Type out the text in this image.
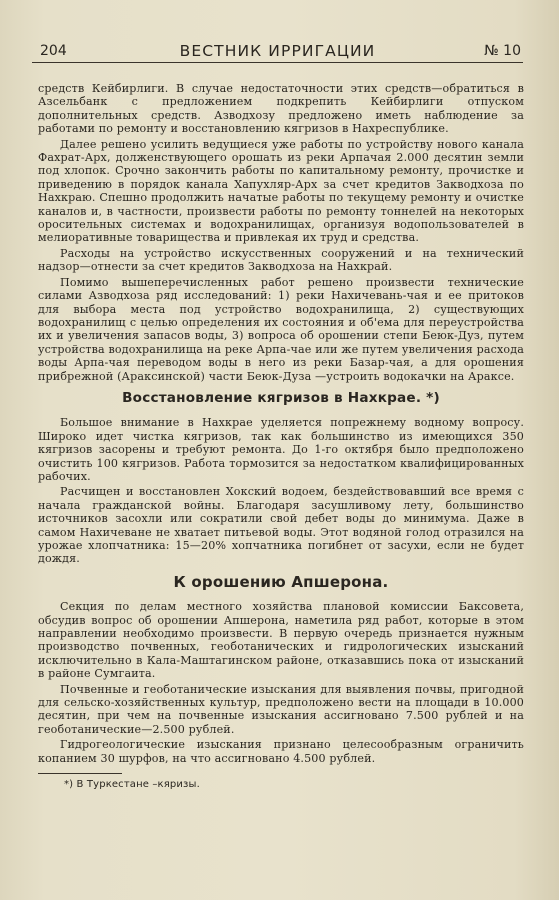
204	ВЕСТНИК ИРРИГАЦИИ	№ 10

средств Кейбирлиги. В случае недостаточности этих средств—обратиться в Азсельбанк с предложением подкрепить Кейбирлиги отпуском дополнительных средств. Азводхозу предложено иметь наблюдение за работами по ремонту и восстановлению кягризов в Нахреспублике.

Далее решено усилить ведущиеся уже работы по устройству нового канала Фахрат-Арх, долженствующего орошать из реки Арпачая 2.000 десятин земли под хлопок. Срочно закончить работы по капитальному ремонту, прочистке и приведению в порядок канала Хапухляр-Арх за счет кредитов Закводхоза по Нахкраю. Спешно продолжить начатые работы по текущему ремонту и очистке каналов и, в частности, произвести работы по ремонту тоннелей на некоторых оросительных системах и водохранилищах, организуя водопользователей в мелиоративные товарищества и привлекая их труд и средства.

Расходы на устройство искусственных сооружений и на технический надзор—отнести за счет кредитов Закводхоза на Нахкрай.

Помимо вышеперечисленных работ решено произвести технические силами Азводхоза ряд исследований: 1) реки Нахичевань-чая и ее притоков для выбора места под устройство водохранилища, 2) существующих водохранилищ с целью определения их состояния и об'ема для переустройства их и увеличения запасов воды, 3) вопроса об орошении степи Беюк-Дуз, путем устройства водохранилища на реке Арпа-чае или же путем увеличения расхода воды Арпа-чая переводом воды в него из реки Базар-чая, а для орошения прибрежной (Аракcинской) части Беюк-Дуза —устроить водокачки на Араксе.

Восстановление кягризов в Нахкрае. *)

Большое внимание в Нахкрае уделяется попрежнему водному вопросу. Широко идет чистка кягризов, так как большинство из имеющихся 350 кягризов засорены и требуют ремонта. До 1-го октября было предположено очистить 100 кягризов. Работа тормозится за недостатком квалифицированных рабочих.

Расчищен и восстановлен Хокский водоем, бездействовавший все время с начала гражданской войны. Благодаря засушливому лету, большинство источников засохли или сократили свой дебет воды до минимума. Даже в самом Нахичеване не хватает питьевой воды. Этот водяной голод отразился на урожае хлопчатника: 15—20% хопчатника погибнет от засухи, если не будет дождя.

К орошению Апшерона.

Секция по делам местного хозяйства плановой комиссии Баксовета, обсудив вопрос об орошении Апшерона, наметила ряд работ, которые в этом направлении необходимо произвести. В первую очередь признается нужным производство почвенных, геоботанических и гидрологических изысканий исключительно в Кала-Маштагинском районе, отказавшись пока от изысканий в районе Сумгаита.

Почвенные и геоботанические изыскания для выявления почвы, пригодной для сельско-хозяйственных культур, предположено вести на площади в 10.000 десятин, при чем на почвенные изыскания ассигновано 7.500 рублей и на геоботанические—2.500 рублей.

Гидрогеологические изыскания признано целесообразным ограничить копанием 30 шурфов, на что ассигновано 4.500 рублей.

*) В Туркестане –кяризы.
